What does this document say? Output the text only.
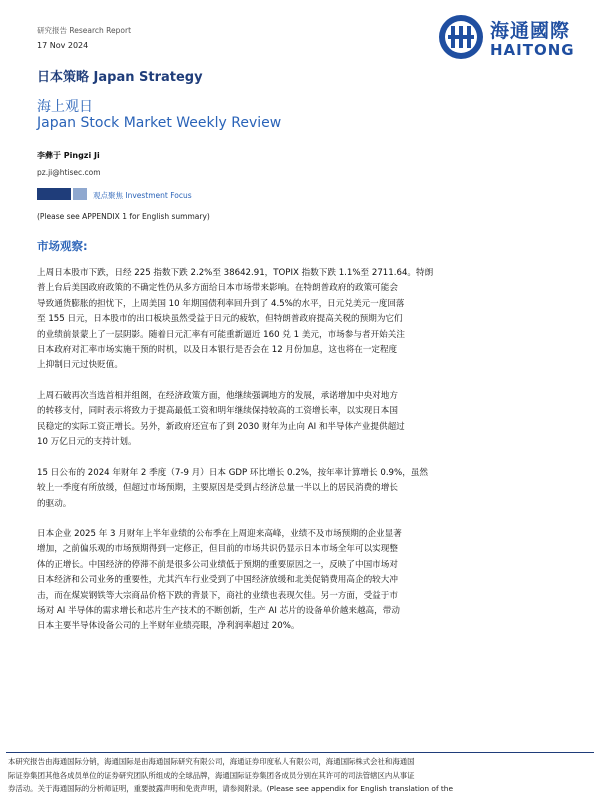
研究报告 Research Report
17 Nov 2024
海通國際
HAITONG
日本策略 Japan Strategy
海上观日
Japan Stock Market Weekly Review
李彝于 Pingzi Ji
pz.ji@htisec.com
观点聚焦 Investment Focus
(Please see APPENDIX 1 for English summary)
市场观察:
上周日本股市下跌，日经 225 指数下跌 2.2%至 38642.91，TOPIX 指数下跌 1.1%至 2711.64。特朗
普上台后美国政府政策的不确定性仍从多方面给日本市场带来影响。在特朗普政府的政策可能会
导致通货膨胀的担忧下，上周美国 10 年期国债利率回升到了 4.5%的水平，日元兑美元一度回落
至 155 日元，日本股市的出口板块虽然受益于日元的疲软，但特朗普政府提高关税的预期为它们
的业绩前景蒙上了一层阴影。随着日元汇率有可能重新逼近 160 兑 1 美元，市场参与者开始关注
日本政府对汇率市场实施干预的时机，以及日本银行是否会在 12 月份加息，这也将在一定程度
上抑制日元过快贬值。
上周石破再次当选首相并组阁，在经济政策方面，他继续强调地方的发展，承诺增加中央对地方
的转移支付，同时表示将致力于提高最低工资和明年继续保持较高的工资增长率，以实现日本国
民稳定的实际工资正增长。另外，新政府还宣布了到 2030 财年为止向 AI 和半导体产业提供超过
10 万亿日元的支持计划。
15 日公布的 2024 年财年 2 季度（7-9 月）日本 GDP 环比增长 0.2%，按年率计算增长 0.9%，虽然
较上一季度有所放缓，但超过市场预期，主要原因是受到占经济总量一半以上的居民消费的增长
的驱动。
日本企业 2025 年 3 月财年上半年业绩的公布季在上周迎来高峰，业绩不及市场预期的企业显著
增加，之前偏乐观的市场预期得到一定修正，但目前的市场共识仍显示日本市场全年可以实现整
体的正增长。中国经济的停滞不前是很多公司业绩低于预期的重要原因之一，反映了中国市场对
日本经济和公司业务的重要性，尤其汽车行业受到了中国经济放缓和北美促销费用高企的较大冲
击，而在煤炭钢铁等大宗商品价格下跌的背景下，商社的业绩也表现欠佳。另一方面，受益于市
场对 AI 半导体的需求增长和芯片生产技术的不断创新，生产 AI 芯片的设备单价越来越高，带动
日本主要半导体设备公司的上半财年业绩亮眼，净利润率超过 20%。
本研究报告由海通国际分销，海通国际是由海通国际研究有限公司，海通证券印度私人有限公司，海通国际株式会社和海通国
际证券集团其他各成员单位的证券研究团队所组成的全球品牌，海通国际证券集团各成员分别在其许可的司法管辖区内从事证
券活动。关于海通国际的分析师证明，重要披露声明和免责声明，请参阅附录。(Please see appendix for English translation of the
